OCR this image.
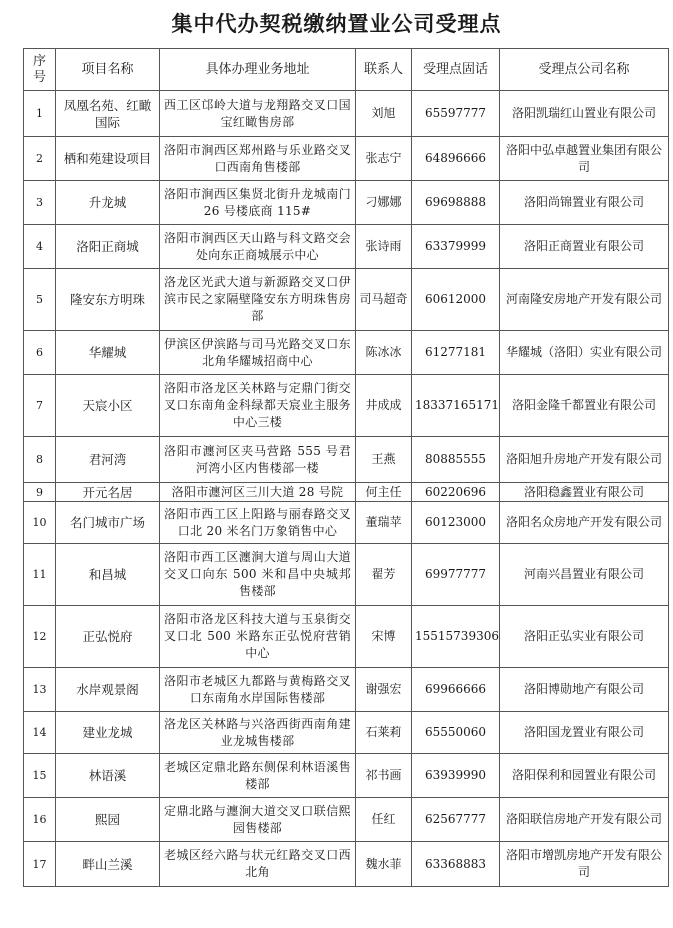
集中代办契税缴纳置业公司受理点
序号	项目名称	具体办理业务地址	联系人	受理点固话	受理点公司名称
1	凤凰名苑、红瞰国际	西工区邙岭大道与龙翔路交叉口国宝红瞰售房部	刘旭	65597777	洛阳凯瑞红山置业有限公司
2	栖和苑建设项目	洛阳市涧西区郑州路与乐业路交叉口西南角售楼部	张志宁	64896666	洛阳中弘卓越置业集团有限公司
3	升龙城	洛阳市涧西区集贤北街升龙城南门 26 号楼底商 115#	刁娜娜	69698888	洛阳尚锦置业有限公司
4	洛阳正商城	洛阳市涧西区天山路与科文路交会处向东正商城展示中心	张诗雨	63379999	洛阳正商置业有限公司
5	隆安东方明珠	洛龙区光武大道与新源路交叉口伊滨市民之家隔壁隆安东方明珠售房部	司马超奇	60612000	河南隆安房地产开发有限公司
6	华耀城	伊滨区伊滨路与司马光路交叉口东北角华耀城招商中心	陈冰冰	61277181	华耀城（洛阳）实业有限公司
7	天宸小区	洛阳市洛龙区关林路与定鼎门街交叉口东南角金科绿都天宸业主服务中心三楼	井成成	18337165171	洛阳金隆千都置业有限公司
8	君河湾	洛阳市瀍河区夹马营路 555 号君河湾小区内售楼部一楼	王燕	80885555	洛阳旭升房地产开发有限公司
9	开元名居	洛阳市瀍河区三川大道 28 号院	何主任	60220696	洛阳稳鑫置业有限公司
10	名门城市广场	洛阳市西工区上阳路与丽春路交叉口北 20 米名门万象销售中心	董瑞苹	60123000	洛阳名众房地产开发有限公司
11	和昌城	洛阳市西工区瀍涧大道与周山大道交叉口向东 500 米和昌中央城邦售楼部	翟芳	69977777	河南兴昌置业有限公司
12	正弘悦府	洛阳市洛龙区科技大道与玉泉街交叉口北 500 米路东正弘悦府营销中心	宋博	15515739306	洛阳正弘实业有限公司
13	水岸观景阁	洛阳市老城区九都路与黄梅路交叉口东南角水岸国际售楼部	谢强宏	69966666	洛阳博勋地产有限公司
14	建业龙城	洛龙区关林路与兴洛西街西南角建业龙城售楼部	石莱莉	65550060	洛阳国龙置业有限公司
15	林语溪	老城区定鼎北路东侧保利林语溪售楼部	祁书画	63939990	洛阳保利和园置业有限公司
16	熙园	定鼎北路与瀍涧大道交叉口联信熙园售楼部	任红	62567777	洛阳联信房地产开发有限公司
17	畔山兰溪	老城区经六路与状元红路交叉口西北角	魏水菲	63368883	洛阳市增凯房地产开发有限公司
